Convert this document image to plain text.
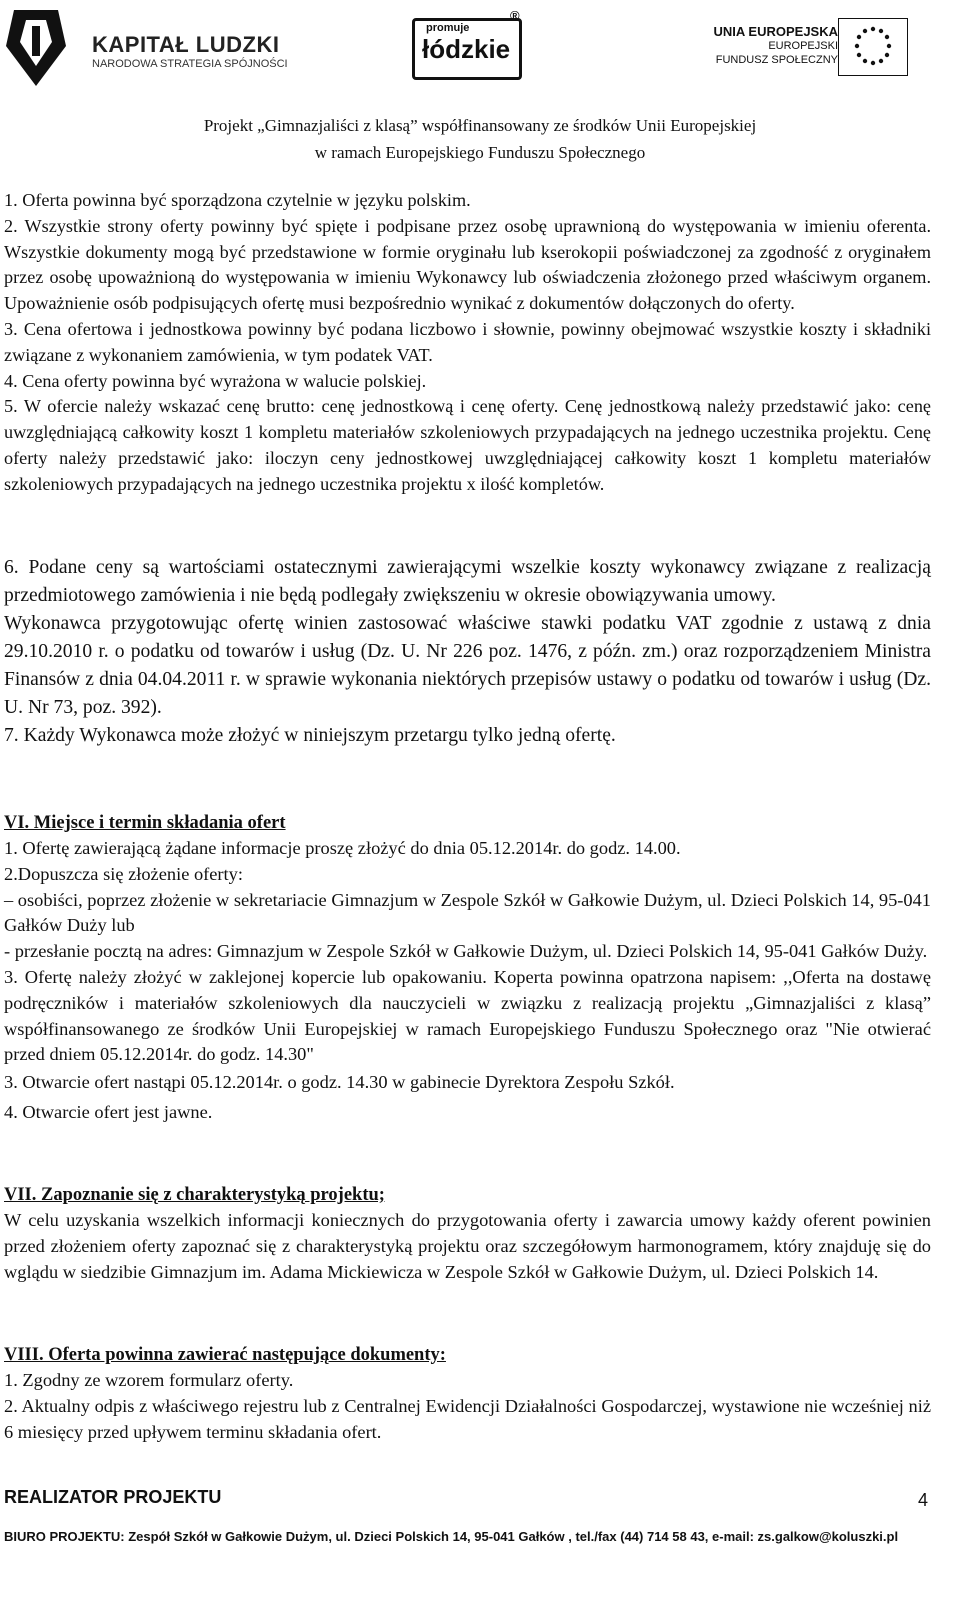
KAPITAŁ LUDZKI
NARODOWA STRATEGIA SPÓJNOŚCI
promuje
łódzkie
®
UNIA EUROPEJSKA
EUROPEJSKI
FUNDUSZ SPOŁECZNY
Projekt „Gimnazjaliści z klasą” współfinansowany ze środków Unii Europejskiej
w ramach Europejskiego Funduszu Społecznego

1. Oferta powinna być sporządzona czytelnie w języku polskim.

2. Wszystkie strony oferty powinny być spięte i podpisane przez osobę uprawnioną do występowania w imieniu oferenta. Wszystkie dokumenty mogą być przedstawione w formie oryginału lub kserokopii poświadczonej za zgodność z oryginałem przez osobę upoważnioną do występowania w imieniu Wykonawcy lub oświadczenia złożonego przed właściwym organem. Upoważnienie osób podpisujących ofertę musi bezpośrednio wynikać z dokumentów dołączonych do oferty.

3. Cena ofertowa i jednostkowa powinny być podana liczbowo i słownie, powinny obejmować wszystkie koszty i składniki związane z wykonaniem zamówienia, w tym podatek VAT.

4. Cena oferty powinna być wyrażona w walucie polskiej.

5. W ofercie należy wskazać cenę brutto: cenę jednostkową i cenę oferty. Cenę jednostkową należy przedstawić jako: cenę uwzględniającą całkowity koszt 1 kompletu materiałów szkoleniowych przypadających na jednego uczestnika projektu. Cenę oferty należy przedstawić jako: iloczyn ceny jednostkowej uwzględniającej całkowity koszt 1 kompletu materiałów szkoleniowych przypadających na jednego uczestnika projektu x ilość kompletów.

6. Podane ceny są wartościami ostatecznymi zawierającymi wszelkie koszty wykonawcy związane z realizacją przedmiotowego zamówienia i nie będą podlegały zwiększeniu w okresie obowiązywania umowy.

Wykonawca przygotowując ofertę winien zastosować właściwe stawki podatku VAT zgodnie z ustawą z dnia 29.10.2010 r. o podatku od towarów i usług (Dz. U. Nr 226 poz. 1476, z późn. zm.) oraz rozporządzeniem Ministra Finansów z dnia 04.04.2011 r. w sprawie wykonania niektórych przepisów ustawy o podatku od towarów i usług (Dz. U. Nr 73, poz. 392).

7. Każdy Wykonawca może złożyć w niniejszym przetargu tylko jedną ofertę.

VI. Miejsce i termin składania ofert

1. Ofertę zawierającą żądane informacje proszę złożyć do dnia 05.12.2014r. do godz. 14.00.

2.Dopuszcza się złożenie oferty:

– osobiści, poprzez złożenie w sekretariacie Gimnazjum w Zespole Szkół w Gałkowie Dużym, ul. Dzieci Polskich 14, 95-041 Gałków Duży lub

- przesłanie pocztą na adres: Gimnazjum w Zespole Szkół w Gałkowie Dużym, ul. Dzieci Polskich 14, 95-041 Gałków Duży.

3. Ofertę należy złożyć w zaklejonej kopercie lub opakowaniu. Koperta powinna opatrzona napisem: ,,Oferta na dostawę podręczników i materiałów szkoleniowych dla nauczycieli w związku z realizacją projektu „Gimnazjaliści z klasą” współfinansowanego ze środków Unii Europejskiej w ramach Europejskiego Funduszu Społecznego oraz "Nie otwierać przed dniem 05.12.2014r. do godz. 14.30"

3. Otwarcie ofert nastąpi 05.12.2014r. o godz. 14.30 w gabinecie Dyrektora Zespołu Szkół.

4. Otwarcie ofert jest jawne.

VII. Zapoznanie się z charakterystyką projektu;

W celu uzyskania wszelkich informacji koniecznych do przygotowania oferty i zawarcia umowy każdy oferent powinien przed złożeniem oferty zapoznać się z charakterystyką projektu oraz szczegółowym harmonogramem, który znajduję się do wglądu w siedzibie Gimnazjum im. Adama Mickiewicza w Zespole Szkół w Gałkowie Dużym, ul. Dzieci Polskich 14.

VIII. Oferta powinna zawierać następujące dokumenty:

1. Zgodny ze wzorem formularz oferty.

2. Aktualny odpis z właściwego rejestru lub z Centralnej Ewidencji Działalności Gospodarczej, wystawione nie wcześniej niż 6 miesięcy przed upływem terminu składania ofert.

REALIZATOR PROJEKTU	4
BIURO PROJEKTU: Zespół Szkół w Gałkowie Dużym, ul. Dzieci Polskich 14, 95-041 Gałków , tel./fax (44) 714 58 43, e-mail: zs.galkow@koluszki.pl
